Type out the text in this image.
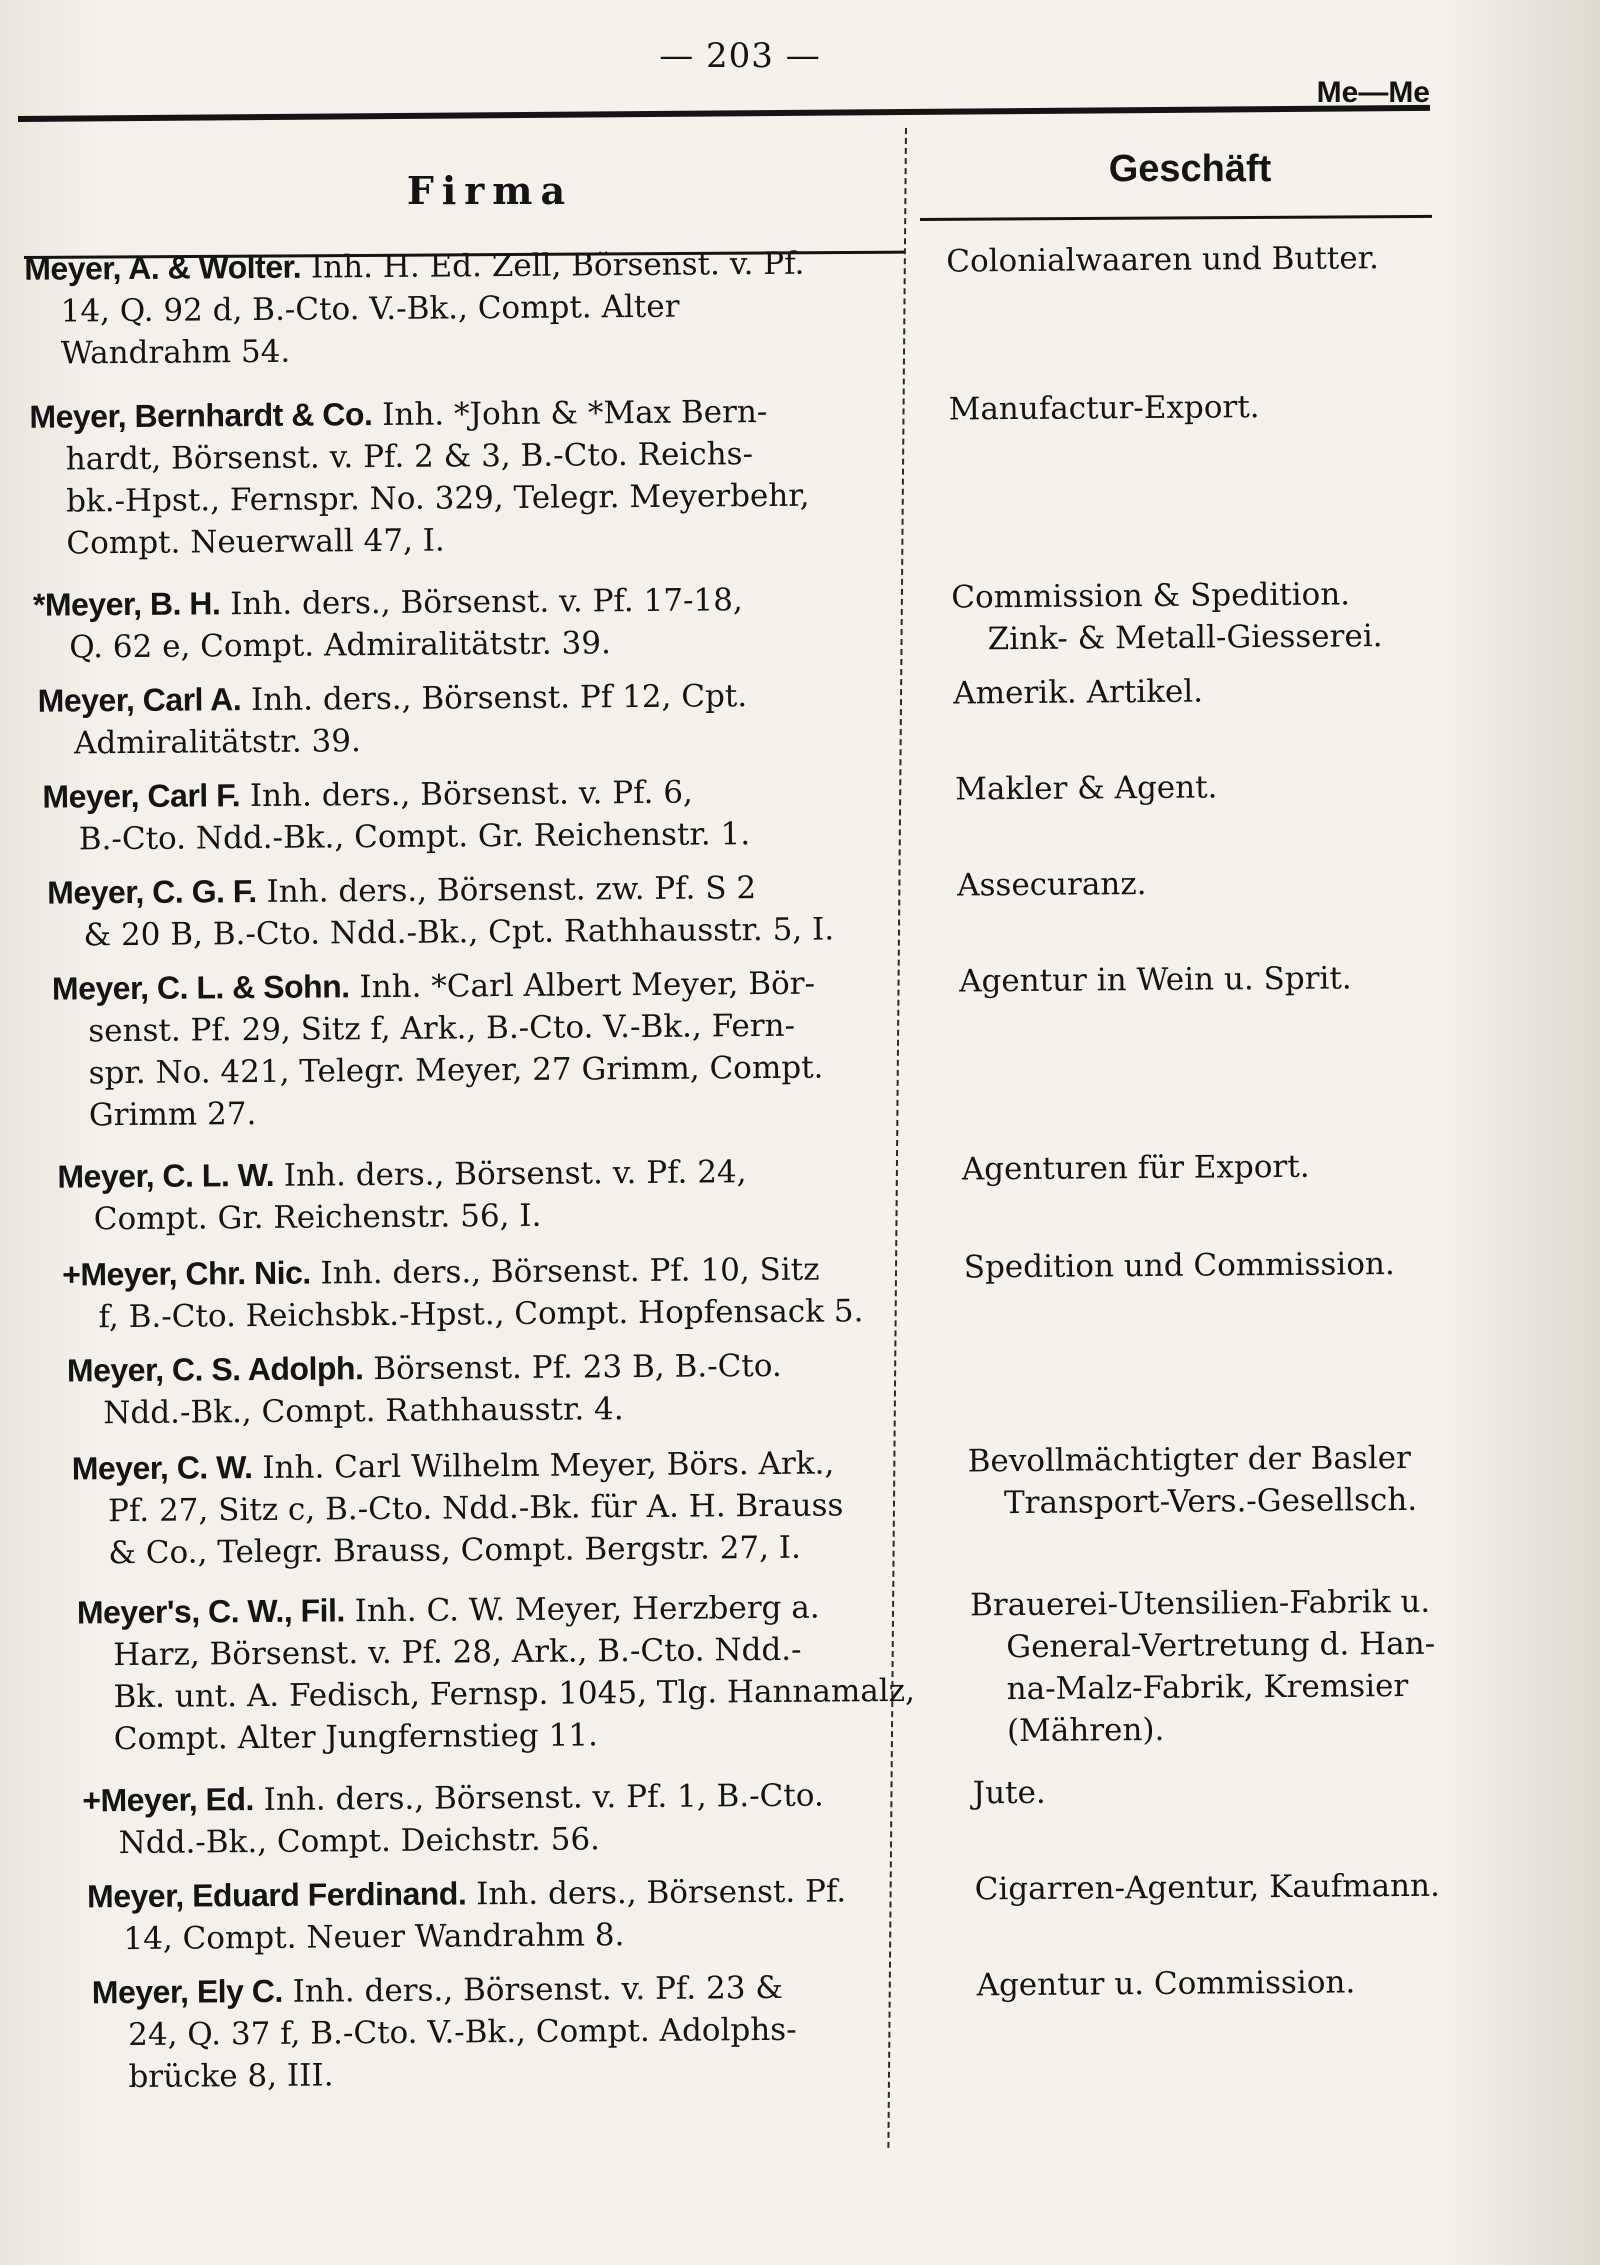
— 203 —
Me—Me
Firma	Geschäft
Meyer, A. & Wolter. Inh. H. Ed. Zell, Börsenst. v. Pf.
14, Q. 92 d, B.-Cto. V.-Bk., Compt. Alter
Wandrahm 54.
Colonialwaaren und Butter.
Meyer, Bernhardt & Co. Inh. *John & *Max Bern-
hardt, Börsenst. v. Pf. 2 & 3, B.-Cto. Reichs-
bk.-Hpst., Fernspr. No. 329, Telegr. Meyerbehr,
Compt. Neuerwall 47, I.
Manufactur-Export.
*Meyer, B. H. Inh. ders., Börsenst. v. Pf. 17-18,
Q. 62 e, Compt. Admiralitätstr. 39.
Commission & Spedition.
Zink- & Metall-Giesserei.
Meyer, Carl A. Inh. ders., Börsenst. Pf 12, Cpt.
Admiralitätstr. 39.
Amerik. Artikel.
Meyer, Carl F. Inh. ders., Börsenst. v. Pf. 6,
B.-Cto. Ndd.-Bk., Compt. Gr. Reichenstr. 1.
Makler & Agent.
Meyer, C. G. F. Inh. ders., Börsenst. zw. Pf. S 2
& 20 B, B.-Cto. Ndd.-Bk., Cpt. Rathhausstr. 5, I.
Assecuranz.
Meyer, C. L. & Sohn. Inh. *Carl Albert Meyer, Bör-
senst. Pf. 29, Sitz f, Ark., B.-Cto. V.-Bk., Fern-
spr. No. 421, Telegr. Meyer, 27 Grimm, Compt.
Grimm 27.
Agentur in Wein u. Sprit.
Meyer, C. L. W. Inh. ders., Börsenst. v. Pf. 24,
Compt. Gr. Reichenstr. 56, I.
Agenturen für Export.
+Meyer, Chr. Nic. Inh. ders., Börsenst. Pf. 10, Sitz
f, B.-Cto. Reichsbk.-Hpst., Compt. Hopfensack 5.
Spedition und Commission.
Meyer, C. S. Adolph. Börsenst. Pf. 23 B, B.-Cto.
Ndd.-Bk., Compt. Rathhausstr. 4.
Meyer, C. W. Inh. Carl Wilhelm Meyer, Börs. Ark.,
Pf. 27, Sitz c, B.-Cto. Ndd.-Bk. für A. H. Brauss
& Co., Telegr. Brauss, Compt. Bergstr. 27, I.
Bevollmächtigter der Basler
Transport-Vers.-Gesellsch.
Meyer's, C. W., Fil. Inh. C. W. Meyer, Herzberg a.
Harz, Börsenst. v. Pf. 28, Ark., B.-Cto. Ndd.-
Bk. unt. A. Fedisch, Fernsp. 1045, Tlg. Hannamalz,
Compt. Alter Jungfernstieg 11.
Brauerei-Utensilien-Fabrik u.
General-Vertretung d. Han-
na-Malz-Fabrik, Kremsier
(Mähren).
+Meyer, Ed. Inh. ders., Börsenst. v. Pf. 1, B.-Cto.
Ndd.-Bk., Compt. Deichstr. 56.
Jute.
Meyer, Eduard Ferdinand. Inh. ders., Börsenst. Pf.
14, Compt. Neuer Wandrahm 8.
Cigarren-Agentur, Kaufmann.
Meyer, Ely C. Inh. ders., Börsenst. v. Pf. 23 &
24, Q. 37 f, B.-Cto. V.-Bk., Compt. Adolphs-
brücke 8, III.
Agentur u. Commission.
